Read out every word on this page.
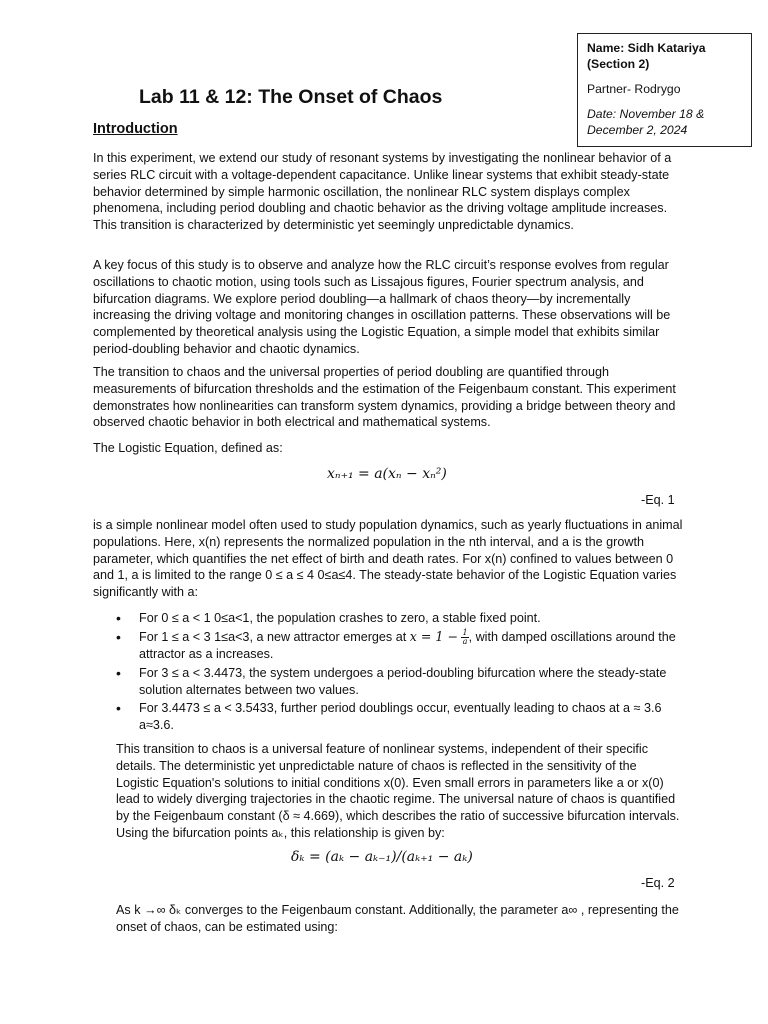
Name: Sidh Katariya
(Section 2)
Partner- Rodrygo
Date: November 18 & December 2, 2024
Lab 11 & 12: The Onset of Chaos
Introduction

In this experiment, we extend our study of resonant systems by investigating the nonlinear behavior of a series RLC circuit with a voltage-dependent capacitance. Unlike linear systems that exhibit steady-state behavior determined by simple harmonic oscillation, the nonlinear RLC system displays complex phenomena, including period doubling and chaotic behavior as the driving voltage amplitude increases. This transition is characterized by deterministic yet seemingly unpredictable dynamics.

A key focus of this study is to observe and analyze how the RLC circuit’s response evolves from regular oscillations to chaotic motion, using tools such as Lissajous figures, Fourier spectrum analysis, and bifurcation diagrams. We explore period doubling—a hallmark of chaos theory—by incrementally increasing the driving voltage and monitoring changes in oscillation patterns. These observations will be complemented by theoretical analysis using the Logistic Equation, a simple model that exhibits similar period-doubling behavior and chaotic dynamics.

The transition to chaos and the universal properties of period doubling are quantified through measurements of bifurcation thresholds and the estimation of the Feigenbaum constant. This experiment demonstrates how nonlinearities can transform system dynamics, providing a bridge between theory and observed chaotic behavior in both electrical and mathematical systems.

The Logistic Equation, defined as:

xₙ₊₁ = a(xₙ − xₙ²)
-Eq. 1

is a simple nonlinear model often used to study population dynamics, such as yearly fluctuations in animal populations. Here, x(n) represents the normalized population in the nth interval, and a is the growth parameter, which quantifies the net effect of birth and death rates. For x(n) confined to values between 0 and 1, a is limited to the range 0 ≤ a ≤ 4 0≤a≤4. The steady-state behavior of the Logistic Equation varies significantly with a:

• For 0 ≤ a < 1 0≤a<1, the population crashes to zero, a stable fixed point.
• For 1 ≤ a < 3 1≤a<3, a new attractor emerges at $x = 1 - \frac{1}{a}$ , with damped oscillations around the attractor as a increases.
• For 3 ≤ a < 3.4473, the system undergoes a period-doubling bifurcation where the steady-state solution alternates between two values.
• For 3.4473 ≤ a < 3.5433, further period doublings occur, eventually leading to chaos at a ≈ 3.6 a≈3.6.

This transition to chaos is a universal feature of nonlinear systems, independent of their specific details. The deterministic yet unpredictable nature of chaos is reflected in the sensitivity of the Logistic Equation's solutions to initial conditions x(0). Even small errors in parameters like a or x(0) lead to widely diverging trajectories in the chaotic regime. The universal nature of chaos is quantified by the Feigenbaum constant (δ ≈ 4.669), which describes the ratio of successive bifurcation intervals. Using the bifurcation points aₖ, this relationship is given by:

δₖ = (aₖ − aₖ₋₁)/(aₖ₊₁ − aₖ)
-Eq. 2

As k →∞ δₖ converges to the Feigenbaum constant. Additionally, the parameter a∞ , representing the onset of chaos, can be estimated using:
